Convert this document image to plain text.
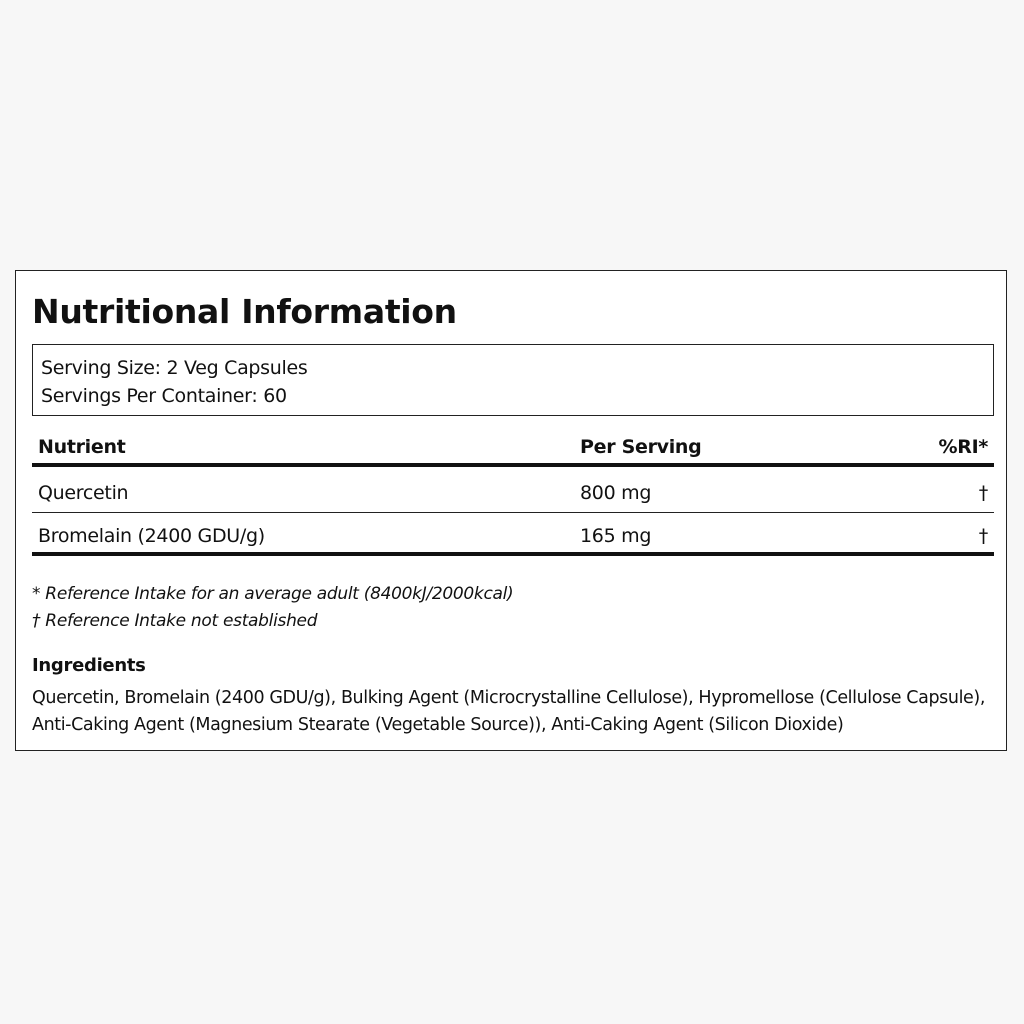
Nutritional Information
Serving Size: 2 Veg Capsules
Servings Per Container: 60
Nutrient	Per Serving	%RI*
Quercetin	800 mg	†
Bromelain (2400 GDU/g)	165 mg	†
* Reference Intake for an average adult (8400kJ/2000kcal)
† Reference Intake not established
Ingredients

Quercetin, Bromelain (2400 GDU/g), Bulking Agent (Microcrystalline Cellulose), Hypromellose (Cellulose Capsule), Anti-Caking Agent (Magnesium Stearate (Vegetable Source)), Anti-Caking Agent (Silicon Dioxide)
